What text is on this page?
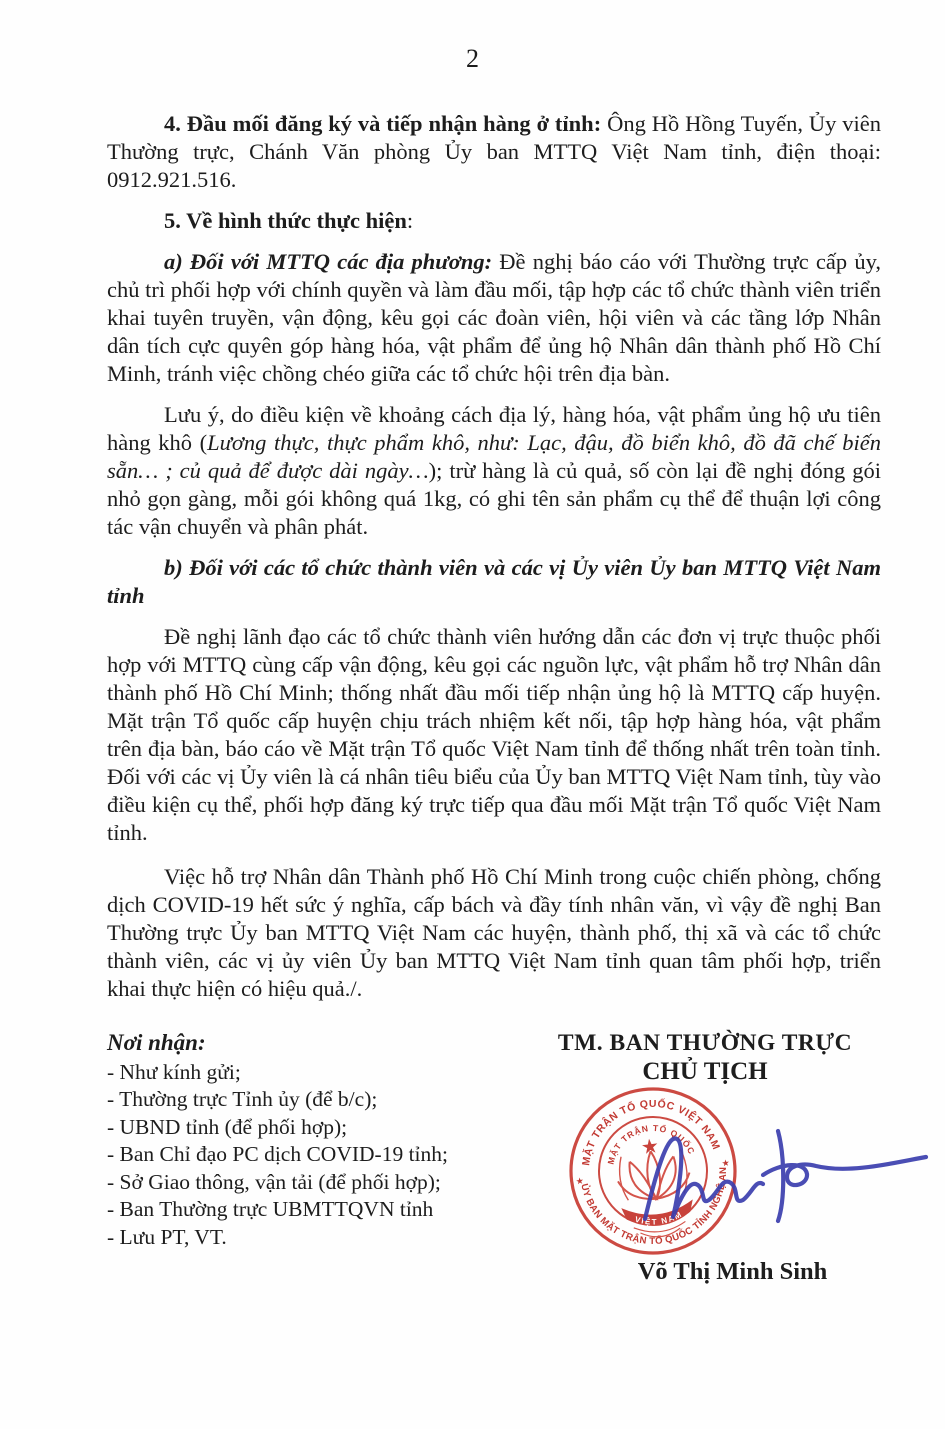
2

4. Đầu mối đăng ký và tiếp nhận hàng ở tỉnh: Ông Hồ Hồng Tuyến, Ủy viên Thường trực, Chánh Văn phòng Ủy ban MTTQ Việt Nam tỉnh, điện thoại: 0912.921.516.

5. Về hình thức thực hiện:

a) Đối với MTTQ các địa phương: Đề nghị báo cáo với Thường trực cấp ủy, chủ trì phối hợp với chính quyền và làm đầu mối, tập hợp các tổ chức thành viên triển khai tuyên truyền, vận động, kêu gọi các đoàn viên, hội viên và các tầng lớp Nhân dân tích cực quyên góp hàng hóa, vật phẩm để ủng hộ Nhân dân thành phố Hồ Chí Minh, tránh việc chồng chéo giữa các tổ chức hội trên địa bàn.

Lưu ý, do điều kiện về khoảng cách địa lý, hàng hóa, vật phẩm ủng hộ ưu tiên hàng khô (Lương thực, thực phẩm khô, như: Lạc, đậu, đồ biển khô, đồ đã chế biến sẵn… ; củ quả để được dài ngày…); trừ hàng là củ quả, số còn lại đề nghị đóng gói nhỏ gọn gàng, mỗi gói không quá 1kg, có ghi tên sản phẩm cụ thể để thuận lợi công tác vận chuyển và phân phát.

b) Đối với các tổ chức thành viên và các vị Ủy viên Ủy ban MTTQ Việt Nam tỉnh

Đề nghị lãnh đạo các tổ chức thành viên hướng dẫn các đơn vị trực thuộc phối hợp với MTTQ cùng cấp vận động, kêu gọi các nguồn lực, vật phẩm hỗ trợ Nhân dân thành phố Hồ Chí Minh; thống nhất đầu mối tiếp nhận ủng hộ là MTTQ cấp huyện. Mặt trận Tổ quốc cấp huyện chịu trách nhiệm kết nối, tập hợp hàng hóa, vật phẩm trên địa bàn, báo cáo về Mặt trận Tổ quốc Việt Nam tỉnh để thống nhất trên toàn tỉnh. Đối với các vị Ủy viên là cá nhân tiêu biểu của Ủy ban MTTQ Việt Nam tỉnh, tùy vào điều kiện cụ thể, phối hợp đăng ký trực tiếp qua đầu mối Mặt trận Tổ quốc Việt Nam tỉnh.

Việc hỗ trợ Nhân dân Thành phố Hồ Chí Minh trong cuộc chiến phòng, chống dịch COVID-19 hết sức ý nghĩa, cấp bách và đầy tính nhân văn, vì vậy đề nghị Ban Thường trực Ủy ban MTTQ Việt Nam các huyện, thành phố, thị xã và các tổ chức thành viên, các vị ủy viên Ủy ban MTTQ Việt Nam tỉnh quan tâm phối hợp, triển khai thực hiện có hiệu quả./.

Nơi nhận:
- Như kính gửi;
- Thường trực Tỉnh ủy (để b/c);
- UBND tỉnh (để phối hợp);
- Ban Chỉ đạo PC dịch COVID-19 tỉnh;
- Sở Giao thông, vận tải (để phối hợp);
- Ban Thường trực UBMTTQVN tỉnh
- Lưu PT, VT.
TM. BAN THƯỜNG TRỰC
CHỦ TỊCH
MẶT TRẬN TỔ QUỐC VIỆT NAM
ỦY BAN MẶT TRẬN TỔ QUỐC TỈNH NGHỆ AN
MẶT TRẬN TỔ QUỐC
★
★
★
VIỆT NAM
Võ Thị Minh Sinh
